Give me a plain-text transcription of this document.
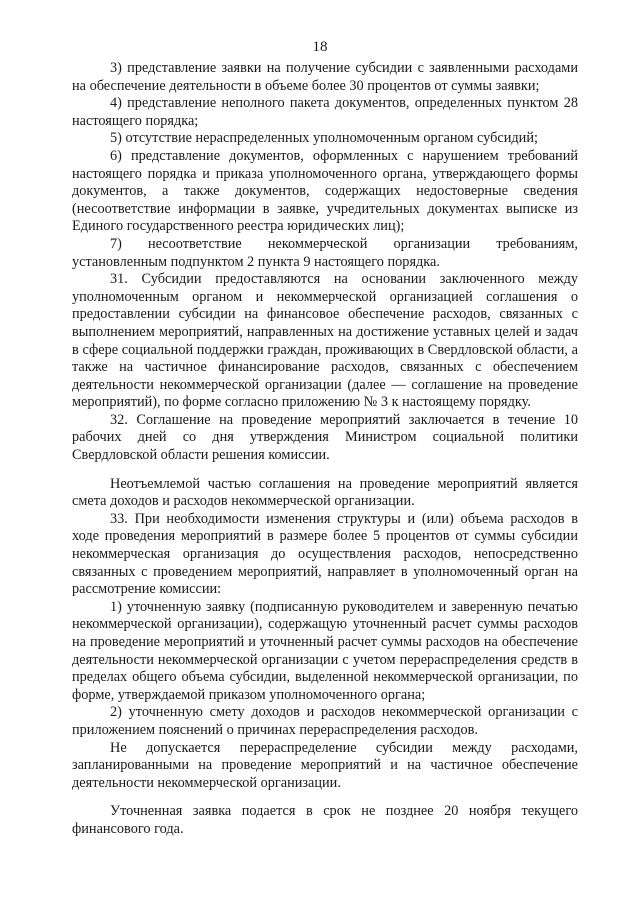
18

3) представление заявки на получение субсидии с заявленными расходами на обеспечение деятельности в объеме более 30 процентов от суммы заявки;

4) представление неполного пакета документов, определенных пунктом 28 настоящего порядка;

5) отсутствие нераспределенных уполномоченным органом субсидий;

6) представление документов, оформленных с нарушением требований настоящего порядка и приказа уполномоченного органа, утверждающего формы документов, а также документов, содержащих недостоверные сведения (несоответствие информации в заявке, учредительных документах выписке из Единого государственного реестра юридических лиц);

7) несоответствие некоммерческой организации требованиям, установленным подпунктом 2 пункта 9 настоящего порядка.

31. Субсидии предоставляются на основании заключенного между уполномоченным органом и некоммерческой организацией соглашения о предоставлении субсидии на финансовое обеспечение расходов, связанных с выполнением мероприятий, направленных на достижение уставных целей и задач в сфере социальной поддержки граждан, проживающих в Свердловской области, а также на частичное финансирование расходов, связанных с обеспечением деятельности некоммерческой организации (далее — соглашение на проведение мероприятий), по форме согласно приложению № 3 к настоящему порядку.

32. Соглашение на проведение мероприятий заключается в течение 10 рабочих дней со дня утверждения Министром социальной политики Свердловской области решения комиссии.

Неотъемлемой частью соглашения на проведение мероприятий является смета доходов и расходов некоммерческой организации.

33. При необходимости изменения структуры и (или) объема расходов в ходе проведения мероприятий в размере более 5 процентов от суммы субсидии некоммерческая организация до осуществления расходов, непосредственно связанных с проведением мероприятий, направляет в уполномоченный орган на рассмотрение комиссии:

1) уточненную заявку (подписанную руководителем и заверенную печатью некоммерческой организации), содержащую уточненный расчет суммы расходов на проведение мероприятий и уточненный расчет суммы расходов на обеспечение деятельности некоммерческой организации с учетом перераспределения средств в пределах общего объема субсидии, выделенной некоммерческой организации, по форме, утверждаемой приказом уполномоченного органа;

2) уточненную смету доходов и расходов некоммерческой организации с приложением пояснений о причинах перераспределения расходов.

Не допускается перераспределение субсидии между расходами, запланированными на проведение мероприятий и на частичное обеспечение деятельности некоммерческой организации.

Уточненная заявка подается в срок не позднее 20 ноября текущего финансового года.
